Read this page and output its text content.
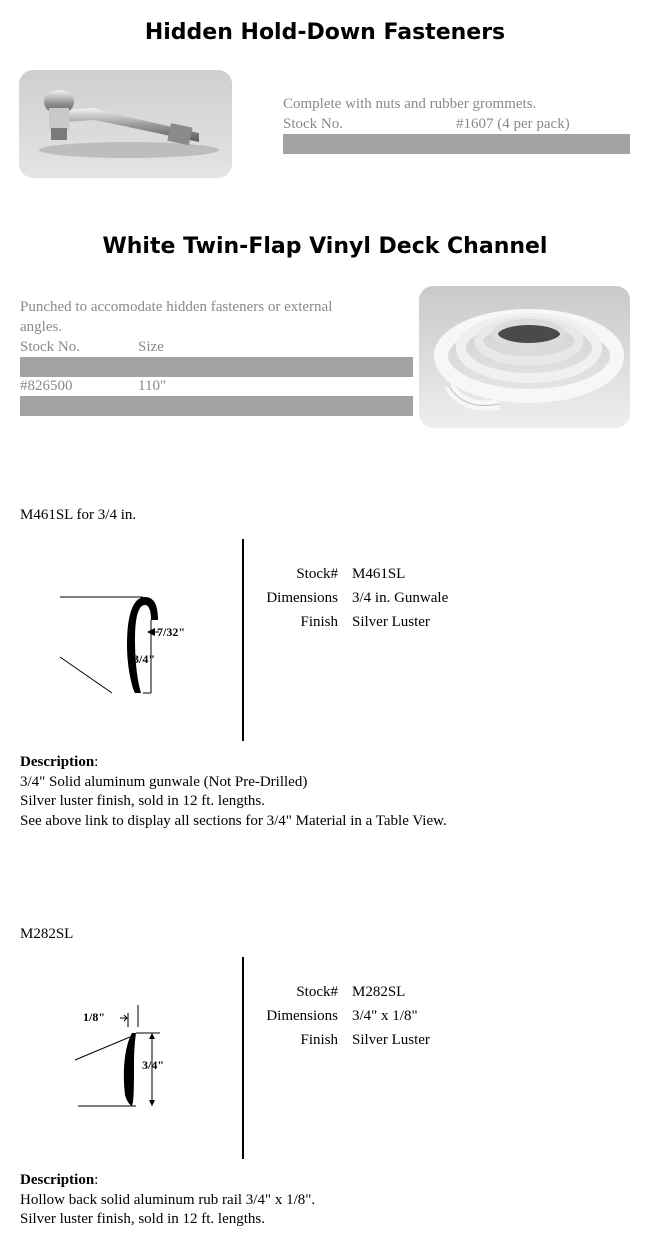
Hidden Hold-Down Fasteners
Complete with nuts and rubber grommets.
Stock No.	#1607 (4 per pack)
White Twin-Flap Vinyl Deck Channel
Punched to accomodate hidden fasteners or external
angles.
Stock No.	Size
#826500	110"
M461SL for 3/4 in.
7/32"
3/4"
Stock# M461SL
Dimensions 3/4 in. Gunwale
Finish Silver Luster
Description:
3/4" Solid aluminum gunwale (Not Pre-Drilled)
Silver luster finish, sold in 12 ft. lengths.
See above link to display all sections for 3/4" Material in a Table View.
M282SL
1/8"
3/4"
Stock# M282SL
Dimensions 3/4" x 1/8"
Finish Silver Luster
Description:
Hollow back solid aluminum rub rail 3/4" x 1/8".
Silver luster finish, sold in 12 ft. lengths.
